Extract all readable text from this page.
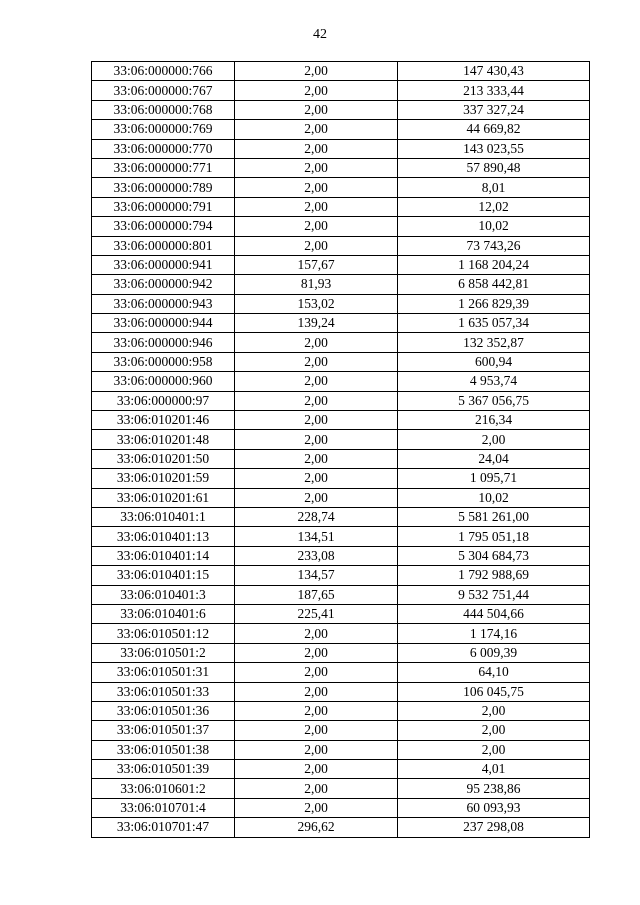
42
33:06:000000:766	2,00	147 430,43
33:06:000000:767	2,00	213 333,44
33:06:000000:768	2,00	337 327,24
33:06:000000:769	2,00	44 669,82
33:06:000000:770	2,00	143 023,55
33:06:000000:771	2,00	57 890,48
33:06:000000:789	2,00	8,01
33:06:000000:791	2,00	12,02
33:06:000000:794	2,00	10,02
33:06:000000:801	2,00	73 743,26
33:06:000000:941	157,67	1 168 204,24
33:06:000000:942	81,93	6 858 442,81
33:06:000000:943	153,02	1 266 829,39
33:06:000000:944	139,24	1 635 057,34
33:06:000000:946	2,00	132 352,87
33:06:000000:958	2,00	600,94
33:06:000000:960	2,00	4 953,74
33:06:000000:97	2,00	5 367 056,75
33:06:010201:46	2,00	216,34
33:06:010201:48	2,00	2,00
33:06:010201:50	2,00	24,04
33:06:010201:59	2,00	1 095,71
33:06:010201:61	2,00	10,02
33:06:010401:1	228,74	5 581 261,00
33:06:010401:13	134,51	1 795 051,18
33:06:010401:14	233,08	5 304 684,73
33:06:010401:15	134,57	1 792 988,69
33:06:010401:3	187,65	9 532 751,44
33:06:010401:6	225,41	444 504,66
33:06:010501:12	2,00	1 174,16
33:06:010501:2	2,00	6 009,39
33:06:010501:31	2,00	64,10
33:06:010501:33	2,00	106 045,75
33:06:010501:36	2,00	2,00
33:06:010501:37	2,00	2,00
33:06:010501:38	2,00	2,00
33:06:010501:39	2,00	4,01
33:06:010601:2	2,00	95 238,86
33:06:010701:4	2,00	60 093,93
33:06:010701:47	296,62	237 298,08
